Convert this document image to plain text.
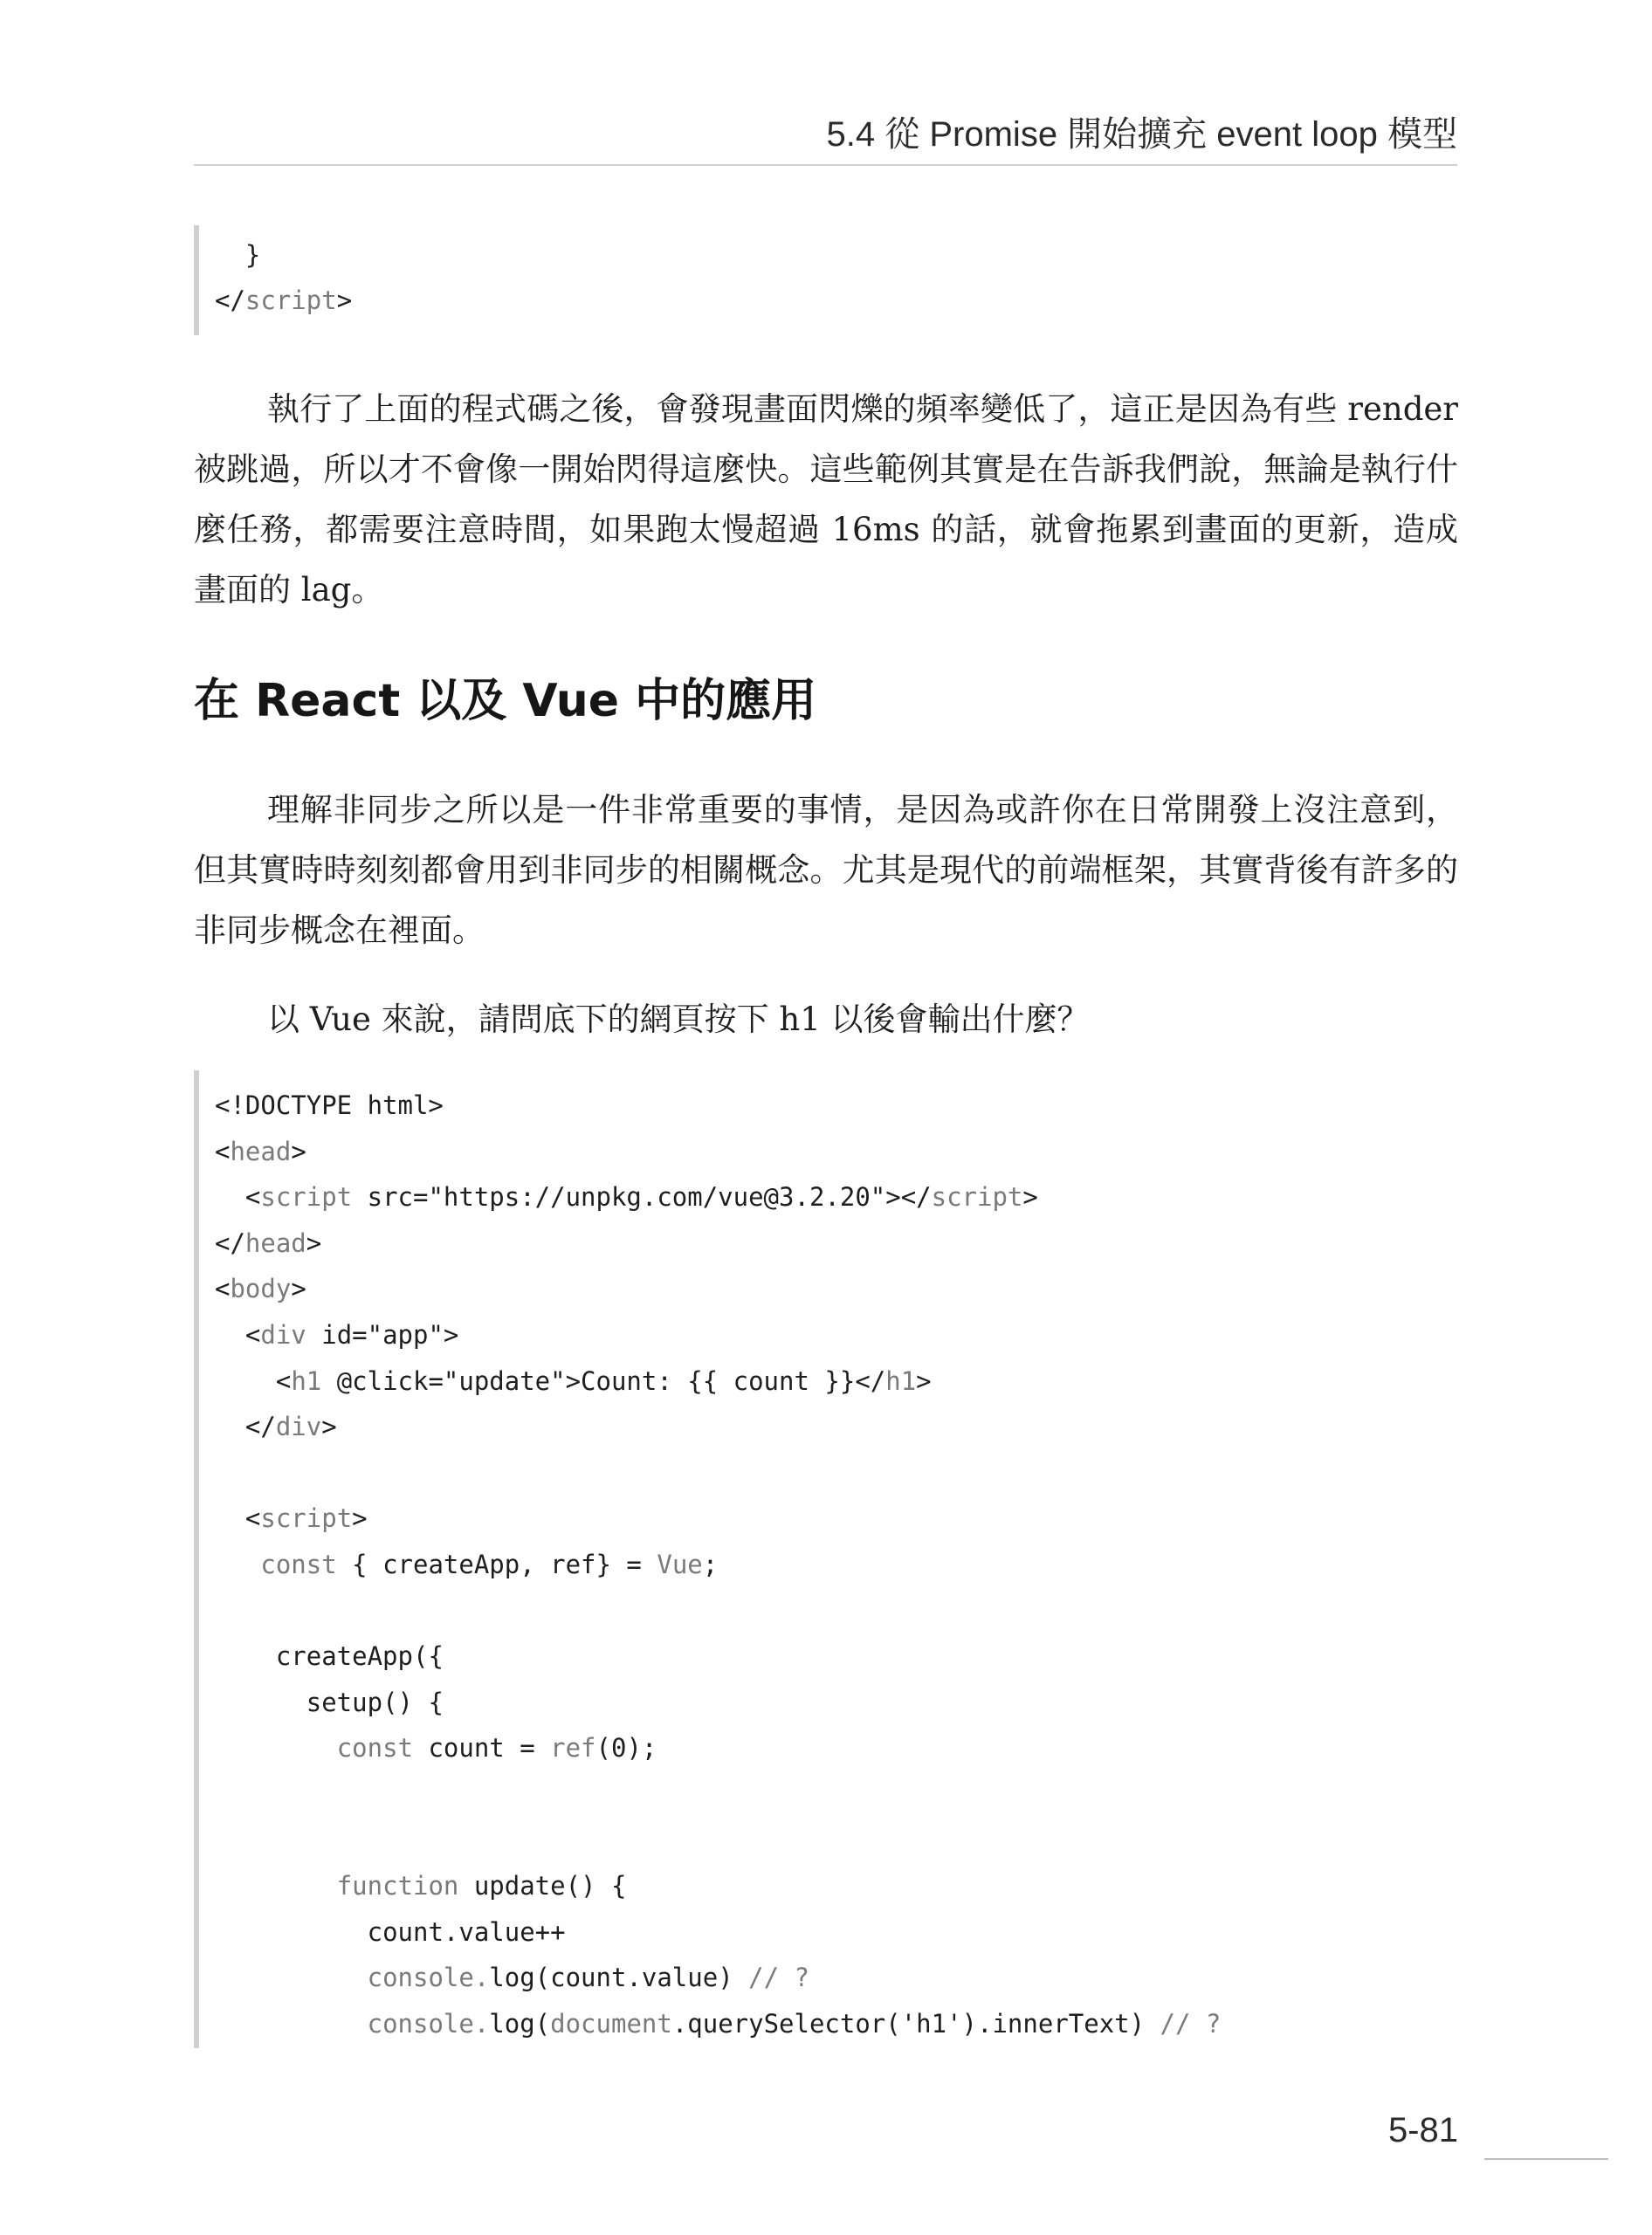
5.4 從 Promise 開始擴充 event loop 模型
}
</script>

執行了上面的程式碼之後，會發現畫面閃爍的頻率變低了，這正是因為有些 render 被跳過，所以才不會像一開始閃得這麼快。這些範例其實是在告訴我們說，無論是執行什麼任務，都需要注意時間，如果跑太慢超過 16ms 的話，就會拖累到畫面的更新，造成畫面的 lag。

在 React 以及 Vue 中的應用

理解非同步之所以是一件非常重要的事情，是因為或許你在日常開發上沒注意到，但其實時時刻刻都會用到非同步的相關概念。尤其是現代的前端框架，其實背後有許多的非同步概念在裡面。

以 Vue 來說，請問底下的網頁按下 h1 以後會輸出什麼？

<!DOCTYPE html>
<head>
<script src="https://unpkg.com/vue@3.2.20"></script>
</head>
<body>
<div id="app">
<h1 @click="update">Count: {{ count }}</h1>
</div>
<script>
const { createApp, ref} = Vue;
createApp({
setup() {
const count = ref(0);
function update() {
count.value++
console.log(count.value) // ?
console.log(document.querySelector('h1').innerText) // ?
5-81
